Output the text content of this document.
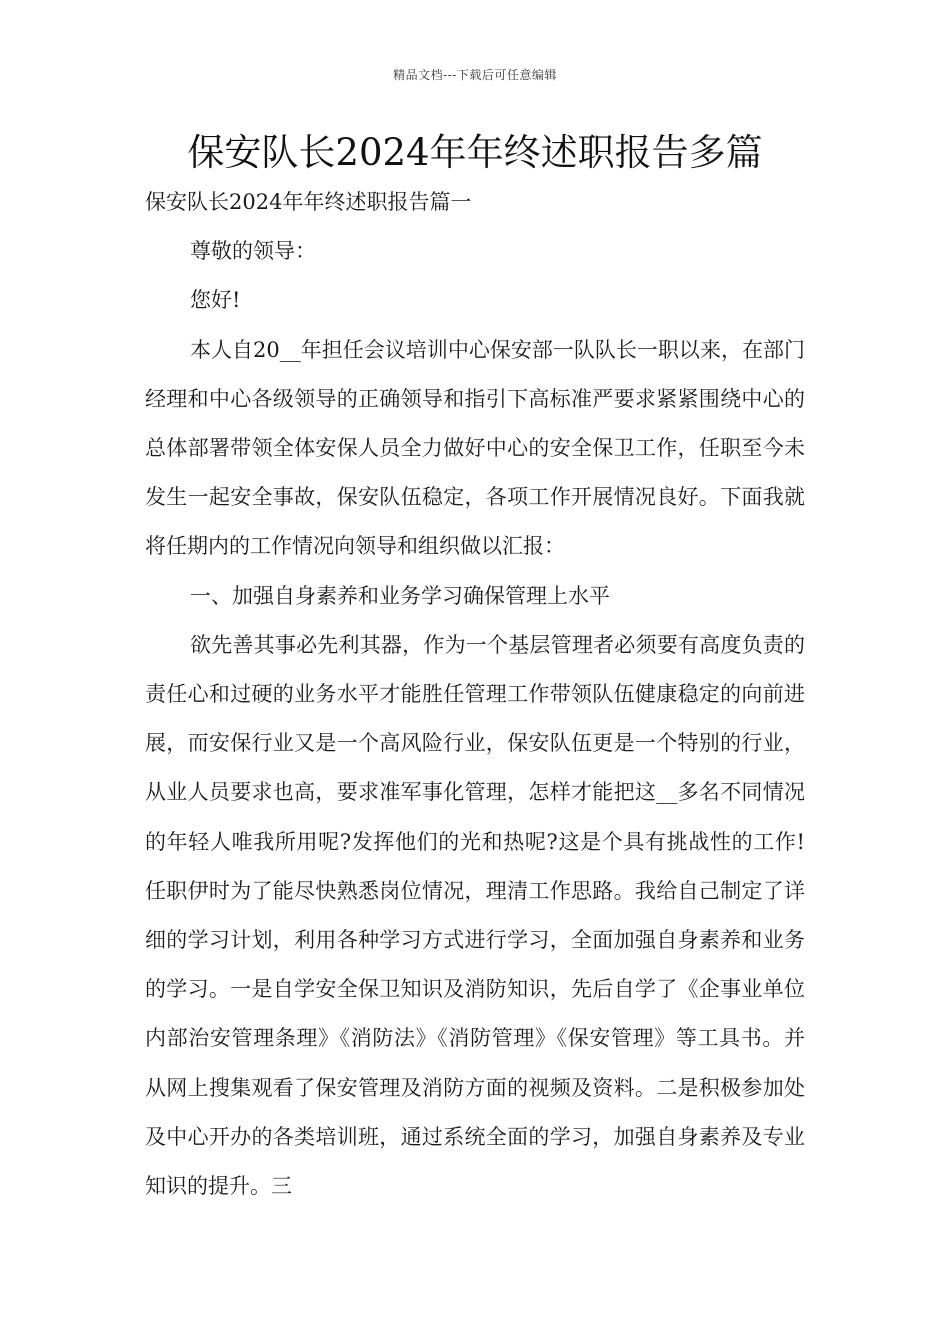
精品文档---下载后可任意编辑
保安队长2024年年终述职报告多篇

保安队长2024年年终述职报告篇一

尊敬的领导：

您好!

本人自20__年担任会议培训中心保安部一队队长一职以来，在部门经理和中心各级领导的正确领导和指引下高标准严要求紧紧围绕中心的总体部署带领全体安保人员全力做好中心的安全保卫工作，任职至今未发生一起安全事故，保安队伍稳定，各项工作开展情况良好。下面我就将任期内的工作情况向领导和组织做以汇报：

一、加强自身素养和业务学习确保管理上水平

欲先善其事必先利其器，作为一个基层管理者必须要有高度负责的责任心和过硬的业务水平才能胜任管理工作带领队伍健康稳定的向前进展，而安保行业又是一个高风险行业，保安队伍更是一个特别的行业，从业人员要求也高，要求准军事化管理，怎样才能把这__多名不同情况的年轻人唯我所用呢?发挥他们的光和热呢?这是个具有挑战性的工作!任职伊时为了能尽快熟悉岗位情况，理清工作思路。我给自己制定了详细的学习计划，利用各种学习方式进行学习，全面加强自身素养和业务的学习。一是自学安全保卫知识及消防知识，先后自学了《企事业单位内部治安管理条理》《消防法》《消防管理》《保安管理》等工具书。并从网上搜集观看了保安管理及消防方面的视频及资料。二是积极参加处及中心开办的各类培训班，通过系统全面的学习，加强自身素养及专业知识的提升。三
